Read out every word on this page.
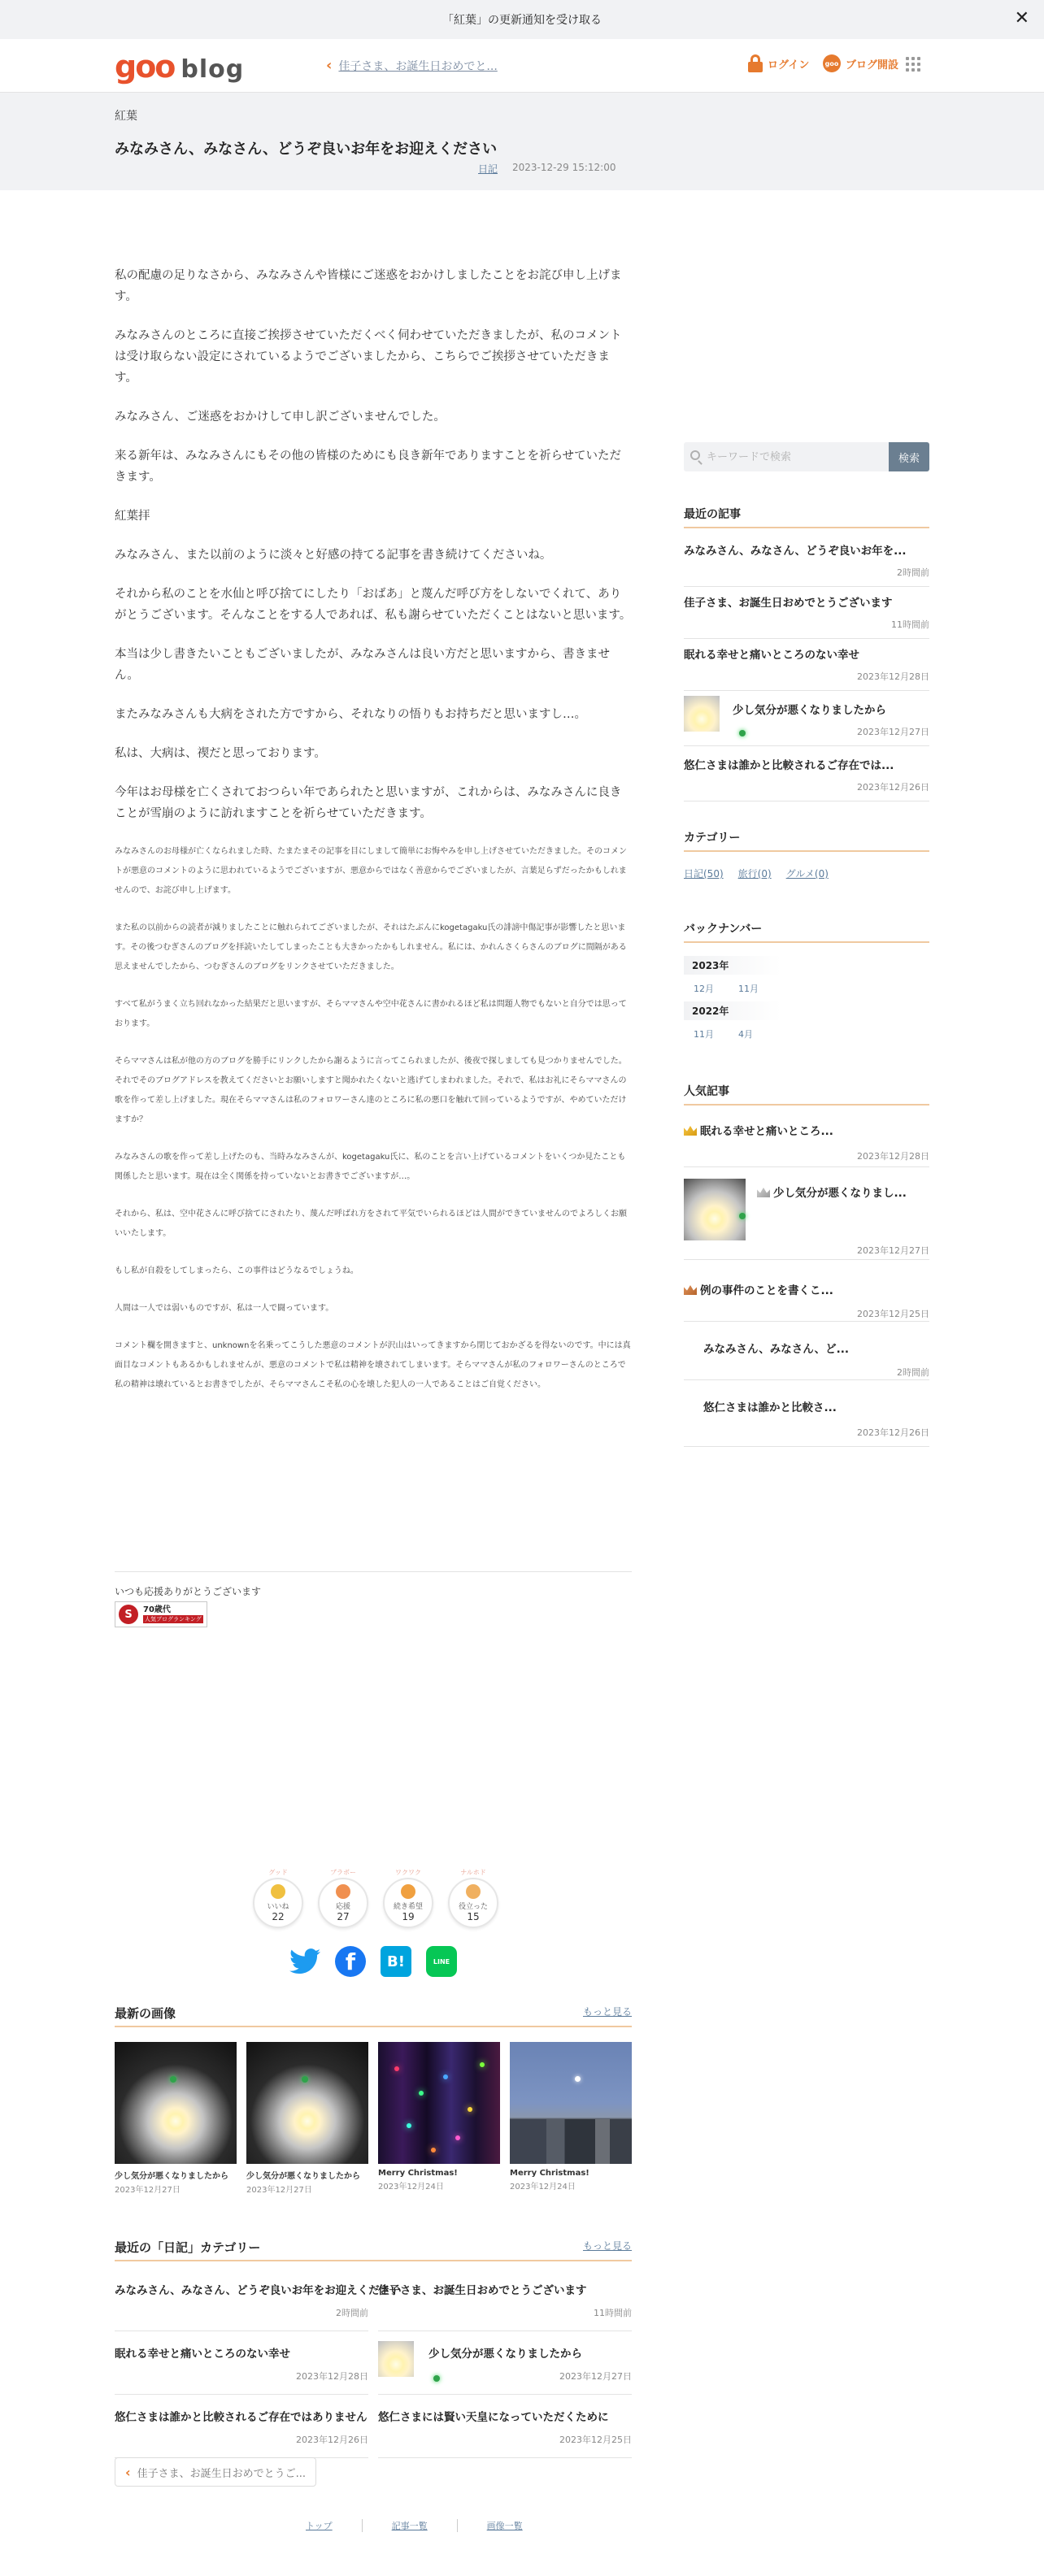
「紅葉」の更新通知を受け取る	✕
goo blog	‹ 佳子さま、お誕生日おめでと...	ログイン	goo ブログ開設
紅葉
みなみさん、みなさん、どうぞ良いお年をお迎えください
日記 2023-12-29 15:12:00

私の配慮の足りなさから、みなみさんや皆様にご迷惑をおかけしましたことをお詫び申し上げます。

みなみさんのところに直接ご挨拶させていただくべく伺わせていただきましたが、私のコメントは受け取らない設定にされているようでございましたから、こちらでご挨拶させていただきます。

みなみさん、ご迷惑をおかけして申し訳ございませんでした。

来る新年は、みなみさんにもその他の皆様のためにも良き新年でありますことを祈らせていただきます。

紅葉拝

みなみさん、また以前のように淡々と好感の持てる記事を書き続けてくださいね。

それから私のことを水仙と呼び捨てにしたり「おばあ」と蔑んだ呼び方をしないでくれて、ありがとうございます。そんなことをする人であれば、私も謝らせていただくことはないと思います。

本当は少し書きたいこともございましたが、みなみさんは良い方だと思いますから、書きません。

またみなみさんも大病をされた方ですから、それなりの悟りもお持ちだと思いますし…。

私は、大病は、禊だと思っております。

今年はお母様を亡くされておつらい年であられたと思いますが、これからは、みなみさんに良きことが雪崩のように訪れますことを祈らせていただきます。

みなみさんのお母様が亡くなられました時、たまたまその記事を目にしまして簡単にお悔やみを申し上げさせていただきました。そのコメントが悪意のコメントのように思われているようでございますが、悪意からではなく善意からでございましたが、言葉足らずだったかもしれませんので、お詫び申し上げます。

また私の以前からの読者が減りましたことに触れられてございましたが、それはたぶんにkogetagaku氏の誹謗中傷記事が影響したと思います。その後つむぎさんのブログを拝読いたしてしまったことも大きかったかもしれません。私には、かれんさくらさんのブログに間隔がある思えませんでしたから、つむぎさんのブログをリンクさせていただきました。

すべて私がうまく立ち回れなかった結果だと思いますが、そらママさんや空中花さんに書かれるほど私は問題人物でもないと自分では思っております。

そらママさんは私が他の方のブログを勝手にリンクしたから謝るように言ってこられましたが、後夜で探しましても見つかりませんでした。それでそのブログアドレスを教えてくださいとお願いしますと聞かれたくないと逃げてしまわれました。それで、私はお礼にそらママさんの歌を作って差し上げました。現在そらママさんは私のフォロワーさん達のところに私の悪口を触れて回っているようですが、やめていただけますか？

みなみさんの歌を作って差し上げたのも、当時みなみさんが、kogetagaku氏に、私のことを言い上げているコメントをいくつか見たことも関係したと思います。現在は全く関係を持っていないとお書きでございますが…。

それから、私は、空中花さんに呼び捨てにされたり、蔑んだ呼ばれ方をされて平気でいられるほどは人間ができていませんのでよろしくお願いいたします。

もし私が自殺をしてしまったら、この事件はどうなるでしょうね。

人間は一人では弱いものですが、私は一人で闘っています。

コメント欄を開きますと、unknownを名乗ってこうした悪意のコメントが沢山はいってきますから閉じておかざるを得ないのです。中には真面目なコメントもあるかもしれませんが、悪意のコメントで私は精神を壊されてしまいます。そらママさんが私のフォロワーさんのところで私の精神は壊れているとお書きでしたが、そらママさんこそ私の心を壊した犯人の一人であることはご自覚ください。

いつも応援ありがとうございます
S	70歳代
人気ブログランキング
グッド
いいね
22
ブラボー
応援
27
ワクワク
続き希望
19
ナルホド
役立った
15
f	B!	LINE
最新の画像	もっと見る
少し気分が悪くなりましたから
2023年12月27日
少し気分が悪くなりましたから
2023年12月27日
Merry Christmas!
2023年12月24日
Merry Christmas!
2023年12月24日
最近の「日記」カテゴリー	もっと見る
みなみさん、みなさん、どうぞ良いお年をお迎えください
2時間前
佳子さま、お誕生日おめでとうございます
11時間前
眠れる幸せと痛いところのない幸せ
2023年12月28日
少し気分が悪くなりましたから
2023年12月27日
悠仁さまは誰かと比較されるご存在ではありません
2023年12月26日
悠仁さまには賢い天皇になっていただくために
2023年12月25日
‹ 佳子さま、お誕生日おめでとうご...
トップ	記事一覧	画像一覧
キーワードで検索
検索
最近の記事
みなみさん、みなさん、どうぞ良いお年を...
2時間前
佳子さま、お誕生日おめでとうございます
11時間前
眠れる幸せと痛いところのない幸せ
2023年12月28日
少し気分が悪くなりましたから
2023年12月27日
悠仁さまは誰かと比較されるご存在では...
2023年12月26日
カテゴリー
日記(50) 旅行(0) グルメ(0)
バックナンバー
2023年
12月	11月
2022年
11月	4月
人気記事
眠れる幸せと痛いところ...
2023年12月28日
少し気分が悪くなりまし...
2023年12月27日
例の事件のことを書くこ...
2023年12月25日
みなみさん、みなさん、ど...
2時間前
悠仁さまは誰かと比較さ...
2023年12月26日
